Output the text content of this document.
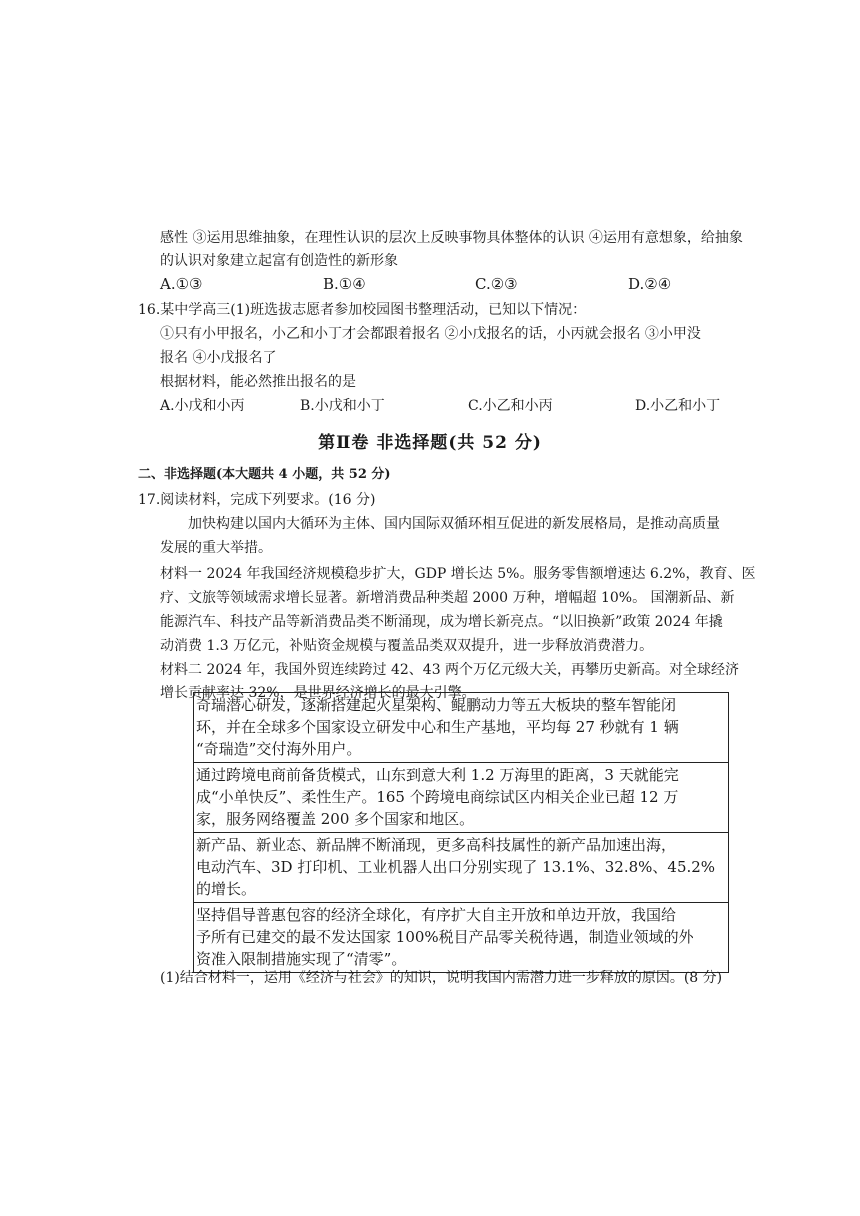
感性 ③运用思维抽象，在理性认识的层次上反映事物具体整体的认识 ④运用有意想象，给抽象
的认识对象建立起富有创造性的新形象
A.①③	B.①④	C.②③	D.②④
16.某中学高三(1)班选拔志愿者参加校园图书整理活动，已知以下情况：
①只有小甲报名，小乙和小丁才会都跟着报名 ②小戊报名的话，小丙就会报名 ③小甲没
报名 ④小戊报名了
根据材料，能必然推出报名的是
A.小戊和小丙	B.小戊和小丁	C.小乙和小丙	D.小乙和小丁
第Ⅱ卷 非选择题(共 52 分)
二、非选择题(本大题共 4 小题，共 52 分)
17.阅读材料，完成下列要求。(16 分)
加快构建以国内大循环为主体、国内国际双循环相互促进的新发展格局，是推动高质量
发展的重大举措。
材料一 2024 年我国经济规模稳步扩大，GDP 增长达 5%。服务零售额增速达 6.2%，教育、医
疗、文旅等领域需求增长显著。新增消费品种类超 2000 万种，增幅超 10%。 国潮新品、新
能源汽车、科技产品等新消费品类不断涌现，成为增长新亮点。“以旧换新”政策 2024 年撬
动消费 1.3 万亿元，补贴资金规模与覆盖品类双双提升，进一步释放消费潜力。
材料二 2024 年，我国外贸连续跨过 42、43 两个万亿元级大关，再攀历史新高。对全球经济
增长贡献率达 32%，是世界经济增长的最大引擎。
奇瑞潜心研发，逐渐搭建起火星架构、鲲鹏动力等五大板块的整车智能闭
环，并在全球多个国家设立研发中心和生产基地，平均每 27 秒就有 1 辆
“奇瑞造”交付海外用户。
通过跨境电商前备货模式，山东到意大利 1.2 万海里的距离，3 天就能完
成“小单快反”、柔性生产。165 个跨境电商综试区内相关企业已超 12 万
家，服务网络覆盖 200 多个国家和地区。
新产品、新业态、新品牌不断涌现，更多高科技属性的新产品加速出海，
电动汽车、3D 打印机、工业机器人出口分别实现了 13.1%、32.8%、45.2%
的增长。
坚持倡导普惠包容的经济全球化，有序扩大自主开放和单边开放，我国给
予所有已建交的最不发达国家 100%税目产品零关税待遇，制造业领域的外
资准入限制措施实现了“清零”。
(1)结合材料一，运用《经济与社会》的知识，说明我国内需潜力进一步释放的原因。(8 分)
